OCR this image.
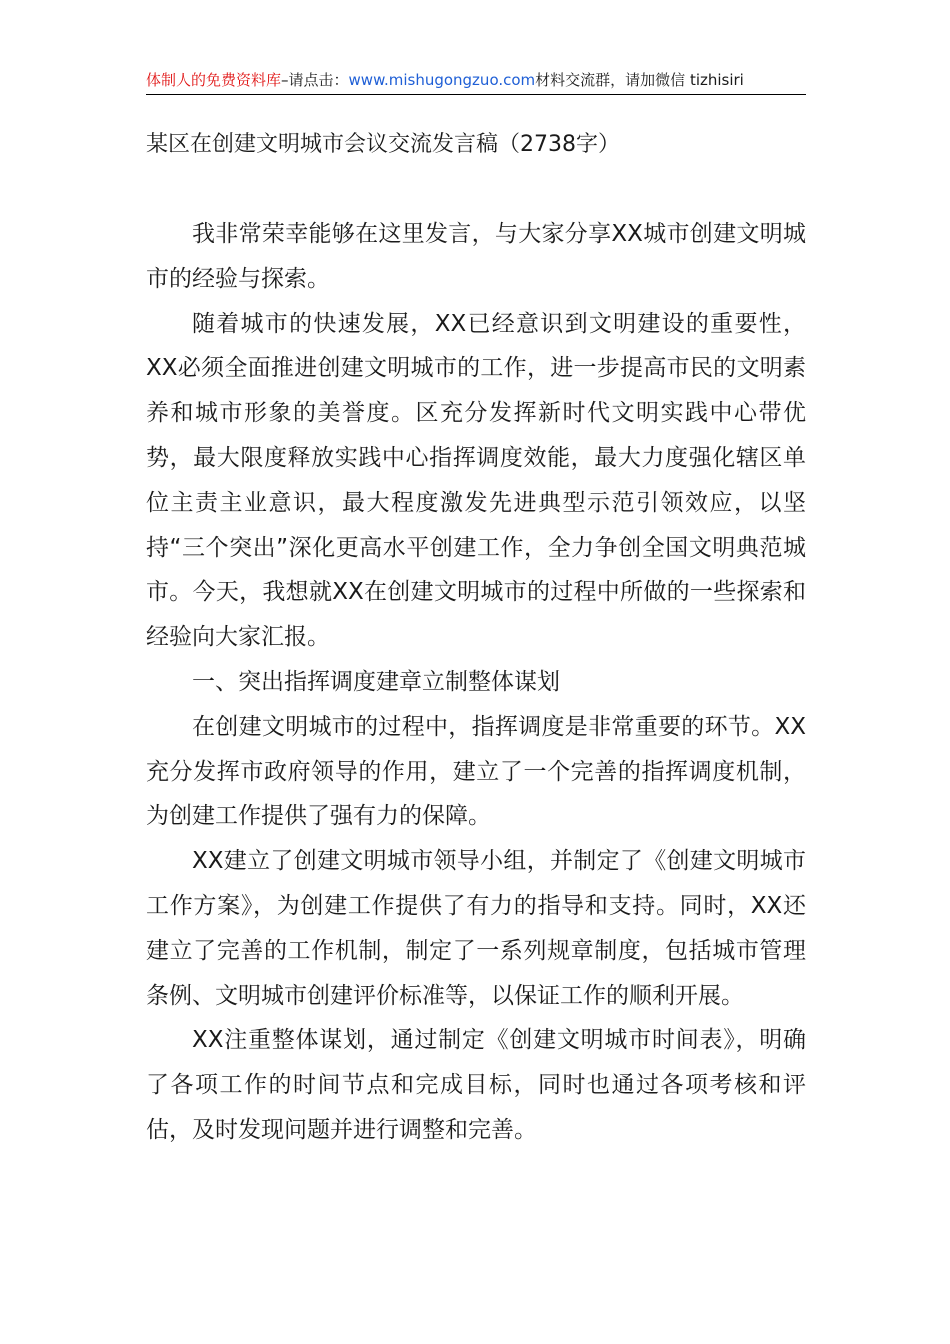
体制人的免费资料库–请点击：www.mishugongzuo.com材料交流群，请加微信 tizhisiri
某区在创建文明城市会议交流发言稿（2738字）

我非常荣幸能够在这里发言，与大家分享XX城市创建文明城市的经验与探索。

随着城市的快速发展，XX已经意识到文明建设的重要性，XX必须全面推进创建文明城市的工作，进一步提高市民的文明素养和城市形象的美誉度。区充分发挥新时代文明实践中心带优势，最大限度释放实践中心指挥调度效能，最大力度强化辖区单位主责主业意识，最大程度激发先进典型示范引领效应，以坚持“三个突出”深化更高水平创建工作，全力争创全国文明典范城市。今天，我想就XX在创建文明城市的过程中所做的一些探索和经验向大家汇报。

一、突出指挥调度建章立制整体谋划

在创建文明城市的过程中，指挥调度是非常重要的环节。XX充分发挥市政府领导的作用，建立了一个完善的指挥调度机制，为创建工作提供了强有力的保障。

XX建立了创建文明城市领导小组，并制定了《创建文明城市工作方案》，为创建工作提供了有力的指导和支持。同时，XX还建立了完善的工作机制，制定了一系列规章制度，包括城市管理条例、文明城市创建评价标准等，以保证工作的顺利开展。

XX注重整体谋划，通过制定《创建文明城市时间表》，明确了各项工作的时间节点和完成目标，同时也通过各项考核和评估，及时发现问题并进行调整和完善。
